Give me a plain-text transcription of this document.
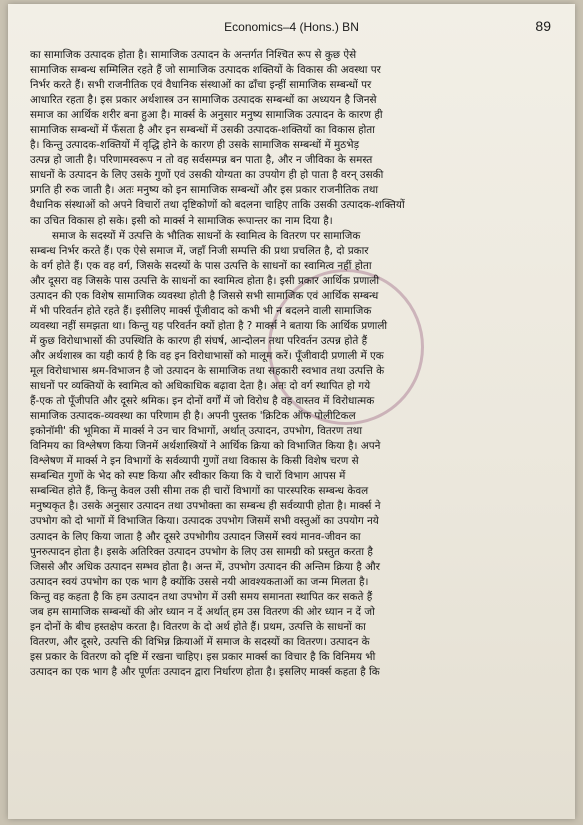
Economics–4 (Hons.) BN	89
का सामाजिक उत्पादक होता है। सामाजिक उत्पादन के अन्तर्गत निश्चित रूप से कुछ ऐसे
सामाजिक सम्बन्ध सम्मिलित रहते हैं जो सामाजिक उत्पादक शक्तियों के विकास की अवस्था पर
निर्भर करते हैं। सभी राजनीतिक एवं वैधानिक संस्थाओं का ढाँचा इन्हीं सामाजिक सम्बन्धों पर
आधारित रहता है। इस प्रकार अर्थशास्त्र उन सामाजिक उत्पादक सम्बन्धों का अध्ययन है जिनसे
समाज का आर्थिक शरीर बना हुआ है। मार्क्स के अनुसार मनुष्य सामाजिक उत्पादन के कारण ही
सामाजिक सम्बन्धों में फँसता है और इन सम्बन्धों में उसकी उत्पादक-शक्तियों का विकास होता
है। किन्तु उत्पादक-शक्तियों में वृद्धि होने के कारण ही उसके सामाजिक सम्बन्धों में मुठभेड़
उत्पन्न हो जाती है। परिणामस्वरूप न तो वह सर्वसम्पन्न बन पाता है, और न जीविका के समस्त
साधनों के उत्पादन के लिए उसके गुणों एवं उसकी योग्यता का उपयोग ही हो पाता है वरन् उसकी
प्रगति ही रुक जाती है। अतः मनुष्य को इन सामाजिक सम्बन्धों और इस प्रकार राजनीतिक तथा
वैधानिक संस्थाओं को अपने विचारों तथा दृष्टिकोणों को बदलना चाहिए ताकि उसकी उत्पादक-शक्तियों
का उचित विकास हो सके। इसी को मार्क्स ने सामाजिक रूपान्तर का नाम दिया है।
समाज के सदस्यों में उत्पत्ति के भौतिक साधनों के स्वामित्व के वितरण पर सामाजिक
सम्बन्ध निर्भर करते हैं। एक ऐसे समाज में, जहाँ निजी सम्पत्ति की प्रथा प्रचलित है, दो प्रकार
के वर्ग होते हैं। एक वह वर्ग, जिसके सदस्यों के पास उत्पत्ति के साधनों का स्वामित्व नहीं होता
और दूसरा वह जिसके पास उत्पत्ति के साधनों का स्वामित्व होता है। इसी प्रकार आर्थिक प्रणाली
उत्पादन की एक विशेष सामाजिक व्यवस्था होती है जिससे सभी सामाजिक एवं आर्थिक सम्बन्ध
में भी परिवर्तन होते रहते हैं। इसीलिए मार्क्स पूँजीवाद को कभी भी न बदलने वाली सामाजिक
व्यवस्था नहीं समझता था। किन्तु यह परिवर्तन क्यों होता है ? मार्क्स ने बताया कि आर्थिक प्रणाली
में कुछ विरोधाभासों की उपस्थिति के कारण ही संघर्ष, आन्दोलन तथा परिवर्तन उत्पन्न होते हैं
और अर्थशास्त्र का यही कार्य है कि वह इन विरोधाभासों को मालूम करें। पूँजीवादी प्रणाली में एक
मूल विरोधाभास श्रम-विभाजन है जो उत्पादन के सामाजिक तथा सहकारी स्वभाव तथा उत्पत्ति के
साधनों पर व्यक्तियों के स्वामित्व को अधिकाधिक बढ़ावा देता है। अतः दो वर्ग स्थापित हो गये
हैं-एक तो पूँजीपति और दूसरे श्रमिक। इन दोनों वर्गों में जो विरोध है वह वास्तव में विरोधात्मक
सामाजिक उत्पादक-व्यवस्था का परिणाम ही है। अपनी पुस्तक 'क्रिटिक ऑफ पोलीटिकल
इकोनॉमी' की भूमिका में मार्क्स ने उन चार विभागों, अर्थात् उत्पादन, उपभोग, वितरण तथा
विनिमय का विश्लेषण किया जिनमें अर्थशास्त्रियों ने आर्थिक क्रिया को विभाजित किया है। अपने
विश्लेषण में मार्क्स ने इन विभागों के सर्वव्यापी गुणों तथा विकास के किसी विशेष चरण से
सम्बन्धित गुणों के भेद को स्पष्ट किया और स्वीकार किया कि ये चारों विभाग आपस में
सम्बन्धित होते हैं, किन्तु केवल उसी सीमा तक ही चारों विभागों का पारस्परिक सम्बन्ध केवल
मनुष्यकृत है। उसके अनुसार उत्पादन तथा उपभोक्ता का सम्बन्ध ही सर्वव्यापी होता है। मार्क्स ने
उपभोग को दो भागों में विभाजित किया। उत्पादक उपभोग जिसमें सभी वस्तुओं का उपयोग नये
उत्पादन के लिए किया जाता है और दूसरे उपभोगीय उत्पादन जिसमें स्वयं मानव-जीवन का
पुनरुत्पादन होता है। इसके अतिरिक्त उत्पादन उपभोग के लिए उस सामग्री को प्रस्तुत करता है
जिससे और अधिक उत्पादन सम्भव होता है। अन्त में, उपभोग उत्पादन की अन्तिम क्रिया है और
उत्पादन स्वयं उपभोग का एक भाग है क्योंकि उससे नयी आवश्यकताओं का जन्म मिलता है।
किन्तु वह कहता है कि हम उत्पादन तथा उपभोग में उसी समय समानता स्थापित कर सकते हैं
जब हम सामाजिक सम्बन्धों की ओर ध्यान न दें अर्थात् हम उस वितरण की ओर ध्यान न दें जो
इन दोनों के बीच हस्तक्षेप करता है। वितरण के दो अर्थ होते हैं। प्रथम, उत्पत्ति के साधनों का
वितरण, और दूसरे, उत्पत्ति की विभिन्न क्रियाओं में समाज के सदस्यों का वितरण। उत्पादन के
इस प्रकार के वितरण को दृष्टि में रखना चाहिए। इस प्रकार मार्क्स का विचार है कि विनिमय भी
उत्पादन का एक भाग है और पूर्णतः उत्पादन द्वारा निर्धारण होता है। इसलिए मार्क्स कहता है कि
